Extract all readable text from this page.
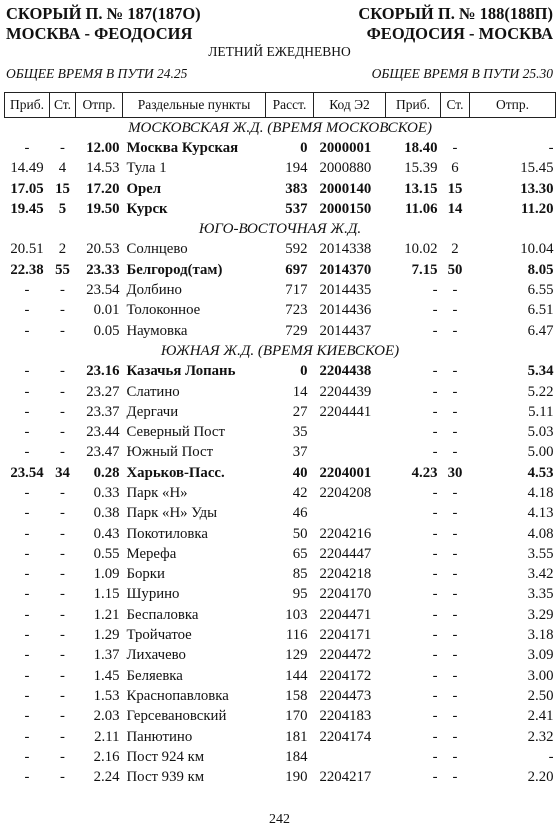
СКОРЫЙ П. № 187(187О)
МОСКВА - ФЕОДОСИЯ
СКОРЫЙ П. № 188(188П)
ФЕОДОСИЯ - МОСКВА
ЛЕТНИЙ ЕЖЕДНЕВНО
ОБЩЕЕ ВРЕМЯ В ПУТИ 24.25	ОБЩЕЕ ВРЕМЯ В ПУТИ 25.30
Приб.	Ст.	Отпр.	Раздельные пункты	Расст.	Код Э2	Приб.	Ст.	Отпр.
МОСКОВСКАЯ Ж.Д. (ВРЕМЯ МОСКОВСКОЕ)								
-	-	12.00	Москва Курская	0	2000001	18.40	-	-
14.49	4	14.53	Тула 1	194	2000880	15.39	6	15.45
17.05	15	17.20	Орел	383	2000140	13.15	15	13.30
19.45	5	19.50	Курск	537	2000150	11.06	14	11.20
ЮГО-ВОСТОЧНАЯ Ж.Д.								
20.51	2	20.53	Солнцево	592	2014338	10.02	2	10.04
22.38	55	23.33	Белгород(там)	697	2014370	7.15	50	8.05
-	-	23.54	Долбино	717	2014435	-	-	6.55
-	-	0.01	Толоконное	723	2014436	-	-	6.51
-	-	0.05	Наумовка	729	2014437	-	-	6.47
ЮЖНАЯ Ж.Д. (ВРЕМЯ КИЕВСКОЕ)								
-	-	23.16	Казачья Лопань	0	2204438	-	-	5.34
-	-	23.27	Слатино	14	2204439	-	-	5.22
-	-	23.37	Дергачи	27	2204441	-	-	5.11
-	-	23.44	Северный Пост	35		-	-	5.03
-	-	23.47	Южный Пост	37		-	-	5.00
23.54	34	0.28	Харьков-Пасс.	40	2204001	4.23	30	4.53
-	-	0.33	Парк «Н»	42	2204208	-	-	4.18
-	-	0.38	Парк «Н» Уды	46		-	-	4.13
-	-	0.43	Покотиловка	50	2204216	-	-	4.08
-	-	0.55	Мерефа	65	2204447	-	-	3.55
-	-	1.09	Борки	85	2204218	-	-	3.42
-	-	1.15	Шурино	95	2204170	-	-	3.35
-	-	1.21	Беспаловка	103	2204471	-	-	3.29
-	-	1.29	Тройчатое	116	2204171	-	-	3.18
-	-	1.37	Лихачево	129	2204472	-	-	3.09
-	-	1.45	Беляевка	144	2204172	-	-	3.00
-	-	1.53	Краснопавловка	158	2204473	-	-	2.50
-	-	2.03	Герсевановский	170	2204183	-	-	2.41
-	-	2.11	Панютино	181	2204174	-	-	2.32
-	-	2.16	Пост 924 км	184		-	-	-
-	-	2.24	Пост 939 км	190	2204217	-	-	2.20
242
